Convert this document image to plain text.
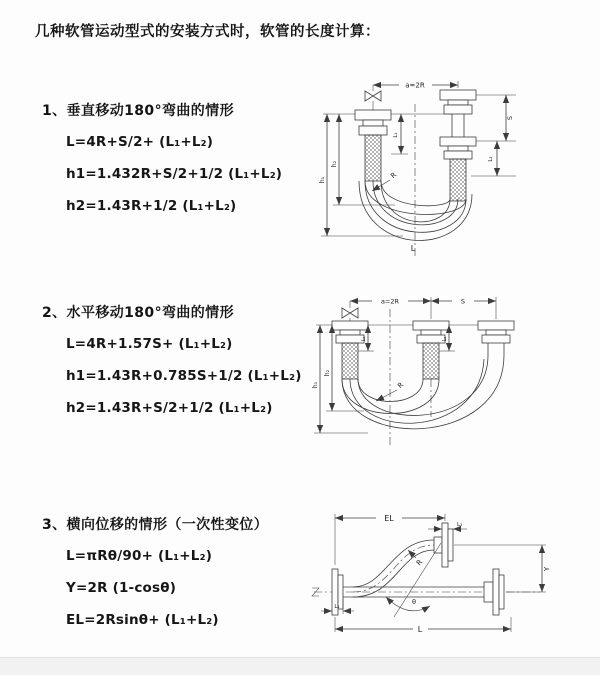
几种软管运动型式的安装方式时，软管的长度计算：
1、垂直移动180°弯曲的情形
L=4R+S/2+ (L₁+L₂)
h1=1.432R+S/2+1/2 (L₁+L₂)
h2=1.43R+1/2 (L₁+L₂)
a=2R
h₁
h₂
L₁
S
L₂
R
L
2、水平移动180°弯曲的情形
L=4R+1.57S+ (L₁+L₂)
h1=1.43R+0.785S+1/2 (L₁+L₂)
h2=1.43R+S/2+1/2 (L₁+L₂)
a=2R	S
h₁
h₂
L₁	L₂
R
3、横向位移的情形（一次性变位）
L=πRθ/90+ (L₁+L₂)
Y=2R (1-cosθ)
EL=2Rsinθ+ (L₁+L₂)
EL
L₂
Y
R
θ
L
L₁
